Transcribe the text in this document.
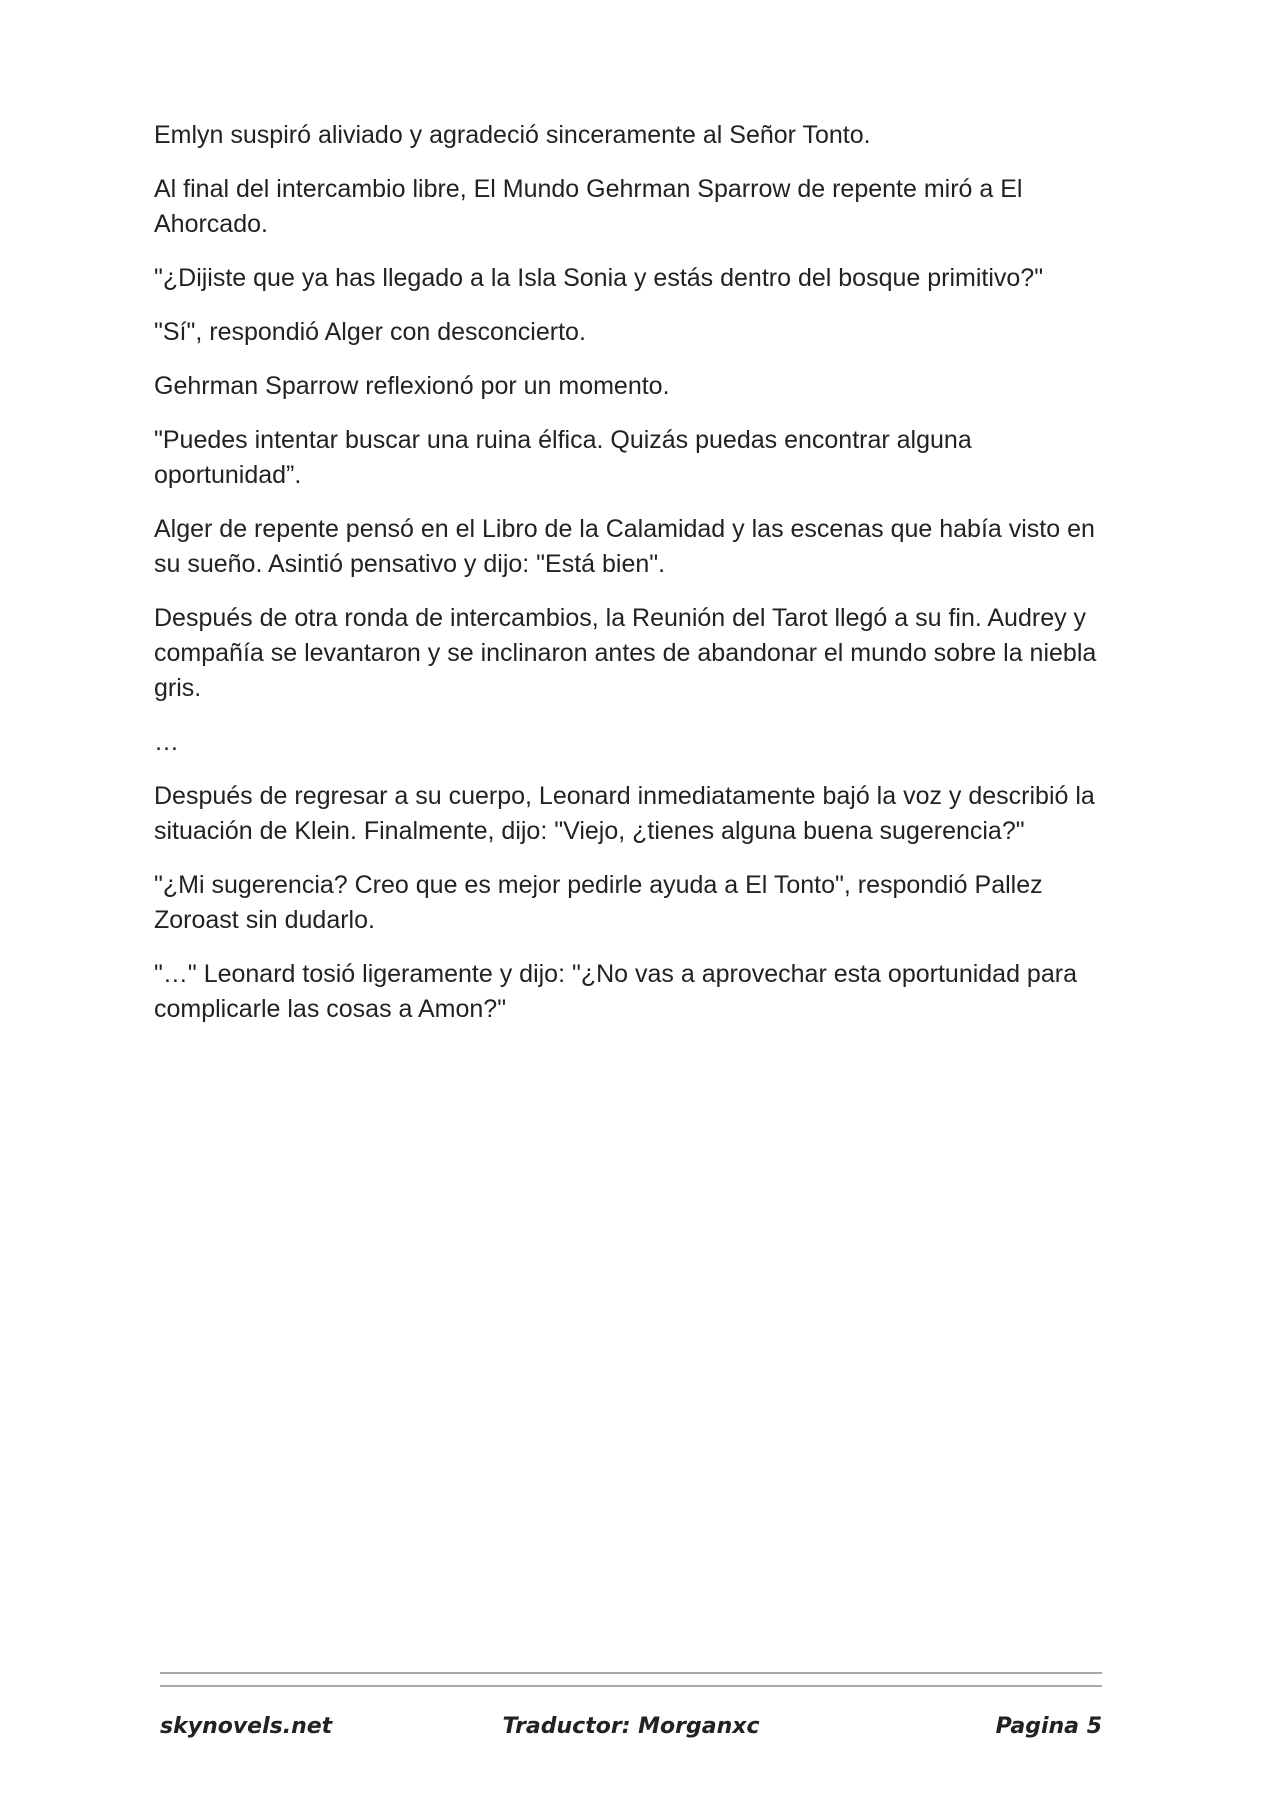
Emlyn suspiró aliviado y agradeció sinceramente al Señor Tonto.

Al final del intercambio libre, El Mundo Gehrman Sparrow de repente miró a El Ahorcado.

"¿Dijiste que ya has llegado a la Isla Sonia y estás dentro del bosque primitivo?"

"Sí", respondió Alger con desconcierto.

Gehrman Sparrow reflexionó por un momento.

"Puedes intentar buscar una ruina élfica. Quizás puedas encontrar alguna oportunidad”.

Alger de repente pensó en el Libro de la Calamidad y las escenas que había visto en su sueño. Asintió pensativo y dijo: "Está bien".

Después de otra ronda de intercambios, la Reunión del Tarot llegó a su fin. Audrey y compañía se levantaron y se inclinaron antes de abandonar el mundo sobre la niebla gris.

…

Después de regresar a su cuerpo, Leonard inmediatamente bajó la voz y describió la situación de Klein. Finalmente, dijo: "Viejo, ¿tienes alguna buena sugerencia?"

"¿Mi sugerencia? Creo que es mejor pedirle ayuda a El Tonto", respondió Pallez Zoroast sin dudarlo.

"…" Leonard tosió ligeramente y dijo: "¿No vas a aprovechar esta oportunidad para complicarle las cosas a Amon?"

skynovels.net	Traductor: Morganxc	Pagina 5
